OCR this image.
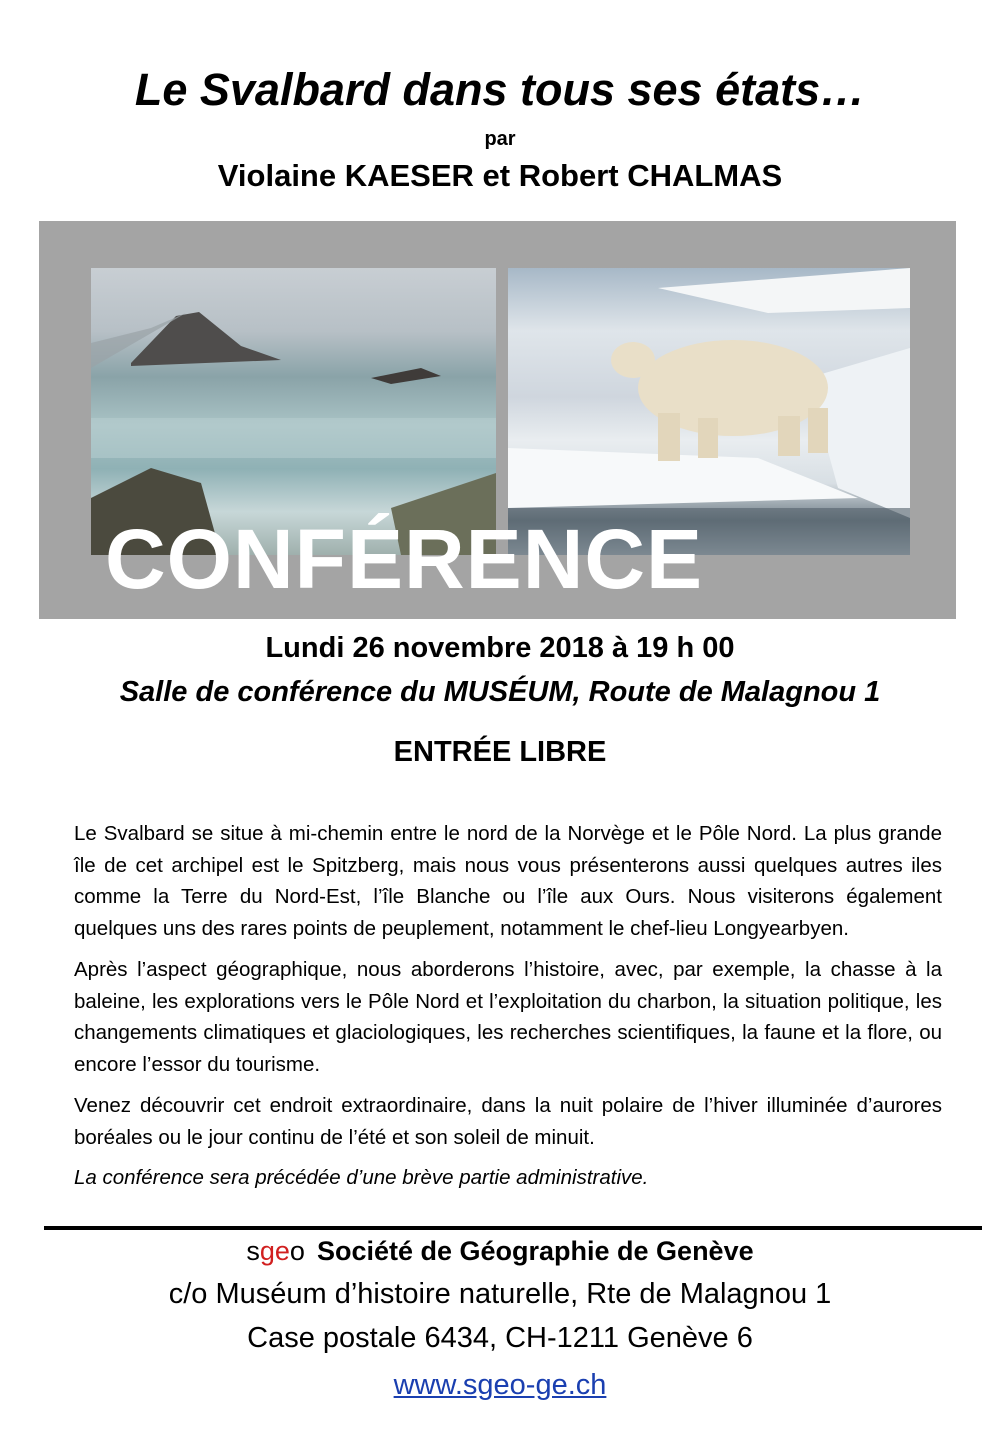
Le Svalbard dans tous ses états…
par
Violaine KAESER et Robert CHALMAS
CONFÉRENCE
Lundi 26 novembre 2018 à 19 h 00
Salle de conférence du MUSÉUM, Route de Malagnou 1
ENTRÉE LIBRE

Le Svalbard se situe à mi-chemin entre le nord de la Norvège et le Pôle Nord. La plus grande île de cet archipel est le Spitzberg, mais nous vous présenterons aussi quelques autres iles comme la Terre du Nord-Est, l’île Blanche ou l’île aux Ours. Nous visiterons également quelques uns des rares points de peuplement, notamment le chef-lieu Longyearbyen.

Après l’aspect géographique, nous aborderons l’histoire, avec, par exemple, la chasse à la baleine, les explorations vers le Pôle Nord et l’exploitation du charbon, la situation politique, les changements climatiques et glaciologiques, les recherches scientifiques, la faune et la flore, ou encore l’essor du tourisme.

Venez découvrir cet endroit extraordinaire, dans la nuit polaire de l’hiver illuminée d’aurores boréales ou le jour continu de l’été et son soleil de minuit.

La conférence sera précédée d’une brève partie administrative.

sgeo Société de Géographie de Genève
c/o Muséum d’histoire naturelle, Rte de Malagnou 1
Case postale 6434, CH-1211 Genève 6
www.sgeo-ge.ch
